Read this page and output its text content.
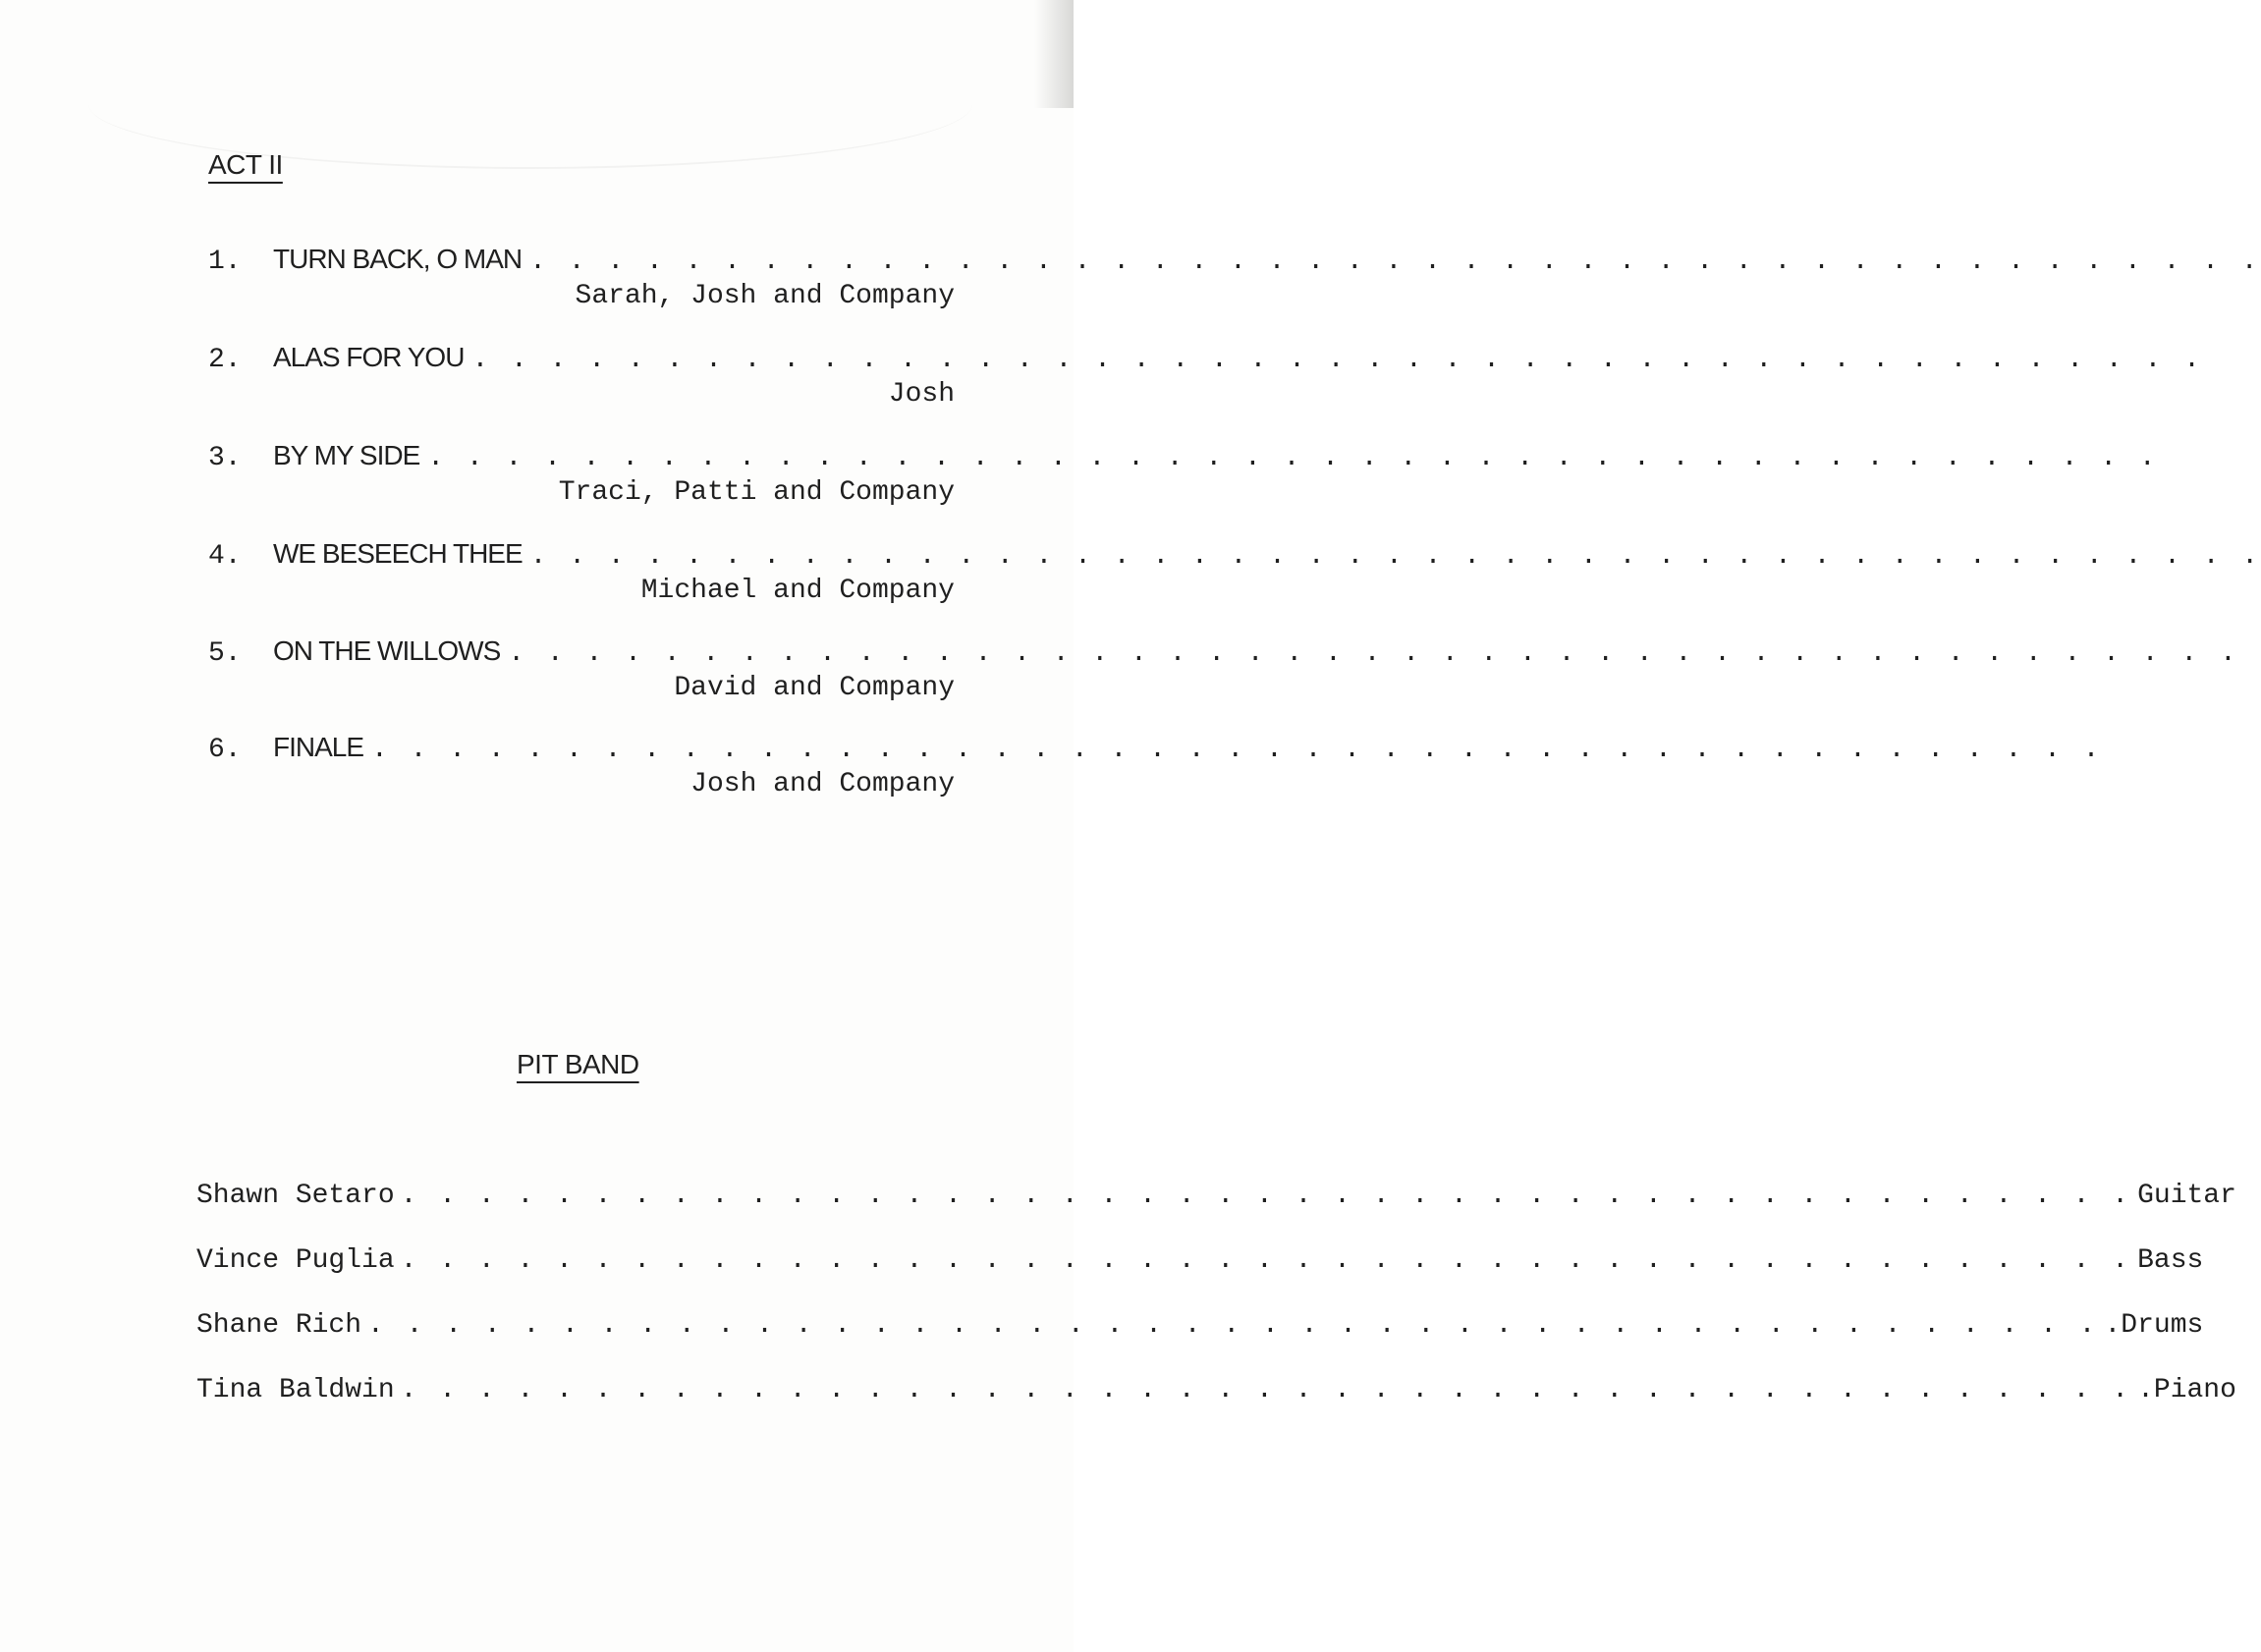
ACT II
1.	TURN BACK, O MAN . . . . . . . . . . . . . . . . . . . . . . . . . . . . . . . . . . . . . . . . . . . . .
Sarah, Josh and Company
2.	ALAS FOR YOU . . . . . . . . . . . . . . . . . . . . . . . . . . . . . . . . . . . . . . . . . . . . .
Josh
3.	BY MY SIDE . . . . . . . . . . . . . . . . . . . . . . . . . . . . . . . . . . . . . . . . . . . . .
Traci, Patti and Company
4.	WE BESEECH THEE . . . . . . . . . . . . . . . . . . . . . . . . . . . . . . . . . . . . . . . . . . . . .
Michael and Company
5.	ON THE WILLOWS . . . . . . . . . . . . . . . . . . . . . . . . . . . . . . . . . . . . . . . . . . . . .
David and Company
6.	FINALE . . . . . . . . . . . . . . . . . . . . . . . . . . . . . . . . . . . . . . . . . . . . .
Josh and Company
PIT BAND
Shawn Setaro . . . . . . . . . . . . . . . . . . . . . . . . . . . . . . . . . . . . . . . . . . . . . Guitar
Vince Puglia . . . . . . . . . . . . . . . . . . . . . . . . . . . . . . . . . . . . . . . . . . . . . Bass
Shane Rich . . . . . . . . . . . . . . . . . . . . . . . . . . . . . . . . . . . . . . . . . . . . . .Drums
Tina Baldwin . . . . . . . . . . . . . . . . . . . . . . . . . . . . . . . . . . . . . . . . . . . . . .Piano
